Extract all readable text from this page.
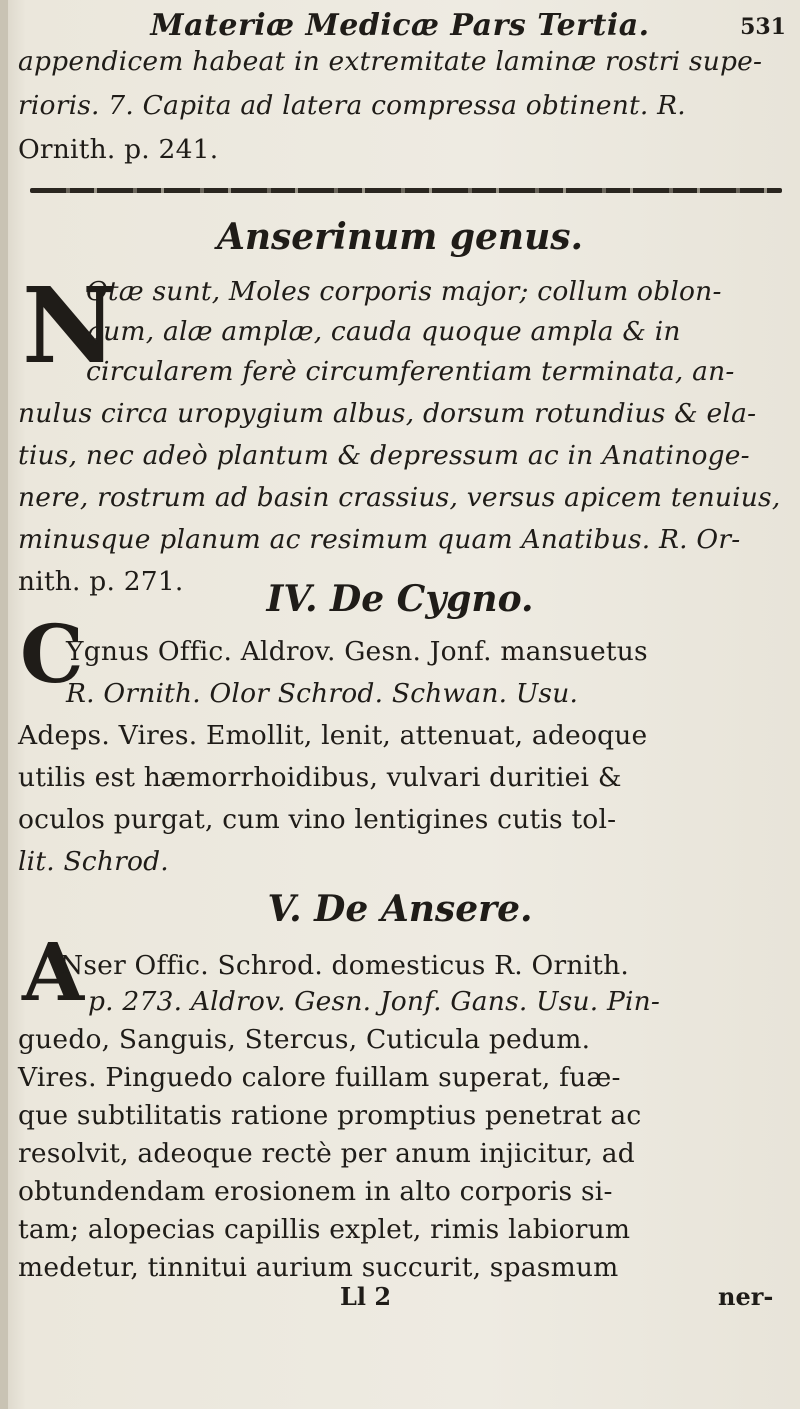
Materiæ Medicæ Pars Tertia.	531
appendicem habeat in extremitate laminæ rostri supe-
rioris. 7. Capita ad latera compressa obtinent. R.
Ornith. p. 241.
Anserinum genus.
N
Otæ sunt, Moles corporis major; collum oblon-
gum, alæ amplæ, cauda quoque ampla & in
circularem ferè circumferentiam terminata, an-
nulus circa uropygium albus, dorsum rotundius & ela-
tius, nec adeò plantum & depressum ac in Anatinoge-
nere, rostrum ad basin crassius, versus apicem tenuius,
minusque planum ac resimum quam Anatibus. R. Or-
nith. p. 271.	IV. De Cygno.
C
Ygnus Offic. Aldrov. Gesn. Jonf. mansuetus
R. Ornith. Olor Schrod. Schwan. Usu.
Adeps. Vires. Emollit, lenit, attenuat, adeoque
utilis est hæmorrhoidibus, vulvari duritiei &
oculos purgat, cum vino lentigines cutis tol-
lit. Schrod.
V. De Ansere.
A
Nser Offic. Schrod. domesticus R. Ornith.
p. 273. Aldrov. Gesn. Jonf. Gans. Usu. Pin-
guedo, Sanguis, Stercus, Cuticula pedum.
Vires. Pinguedo calore fuillam superat, fuæ-
que subtilitatis ratione promptius penetrat ac
resolvit, adeoque rectè per anum injicitur, ad
obtundendam erosionem in alto corporis si-
tam; alopecias capillis explet, rimis labiorum
medetur, tinnitui aurium succurit, spasmum
Ll 2	ner-
